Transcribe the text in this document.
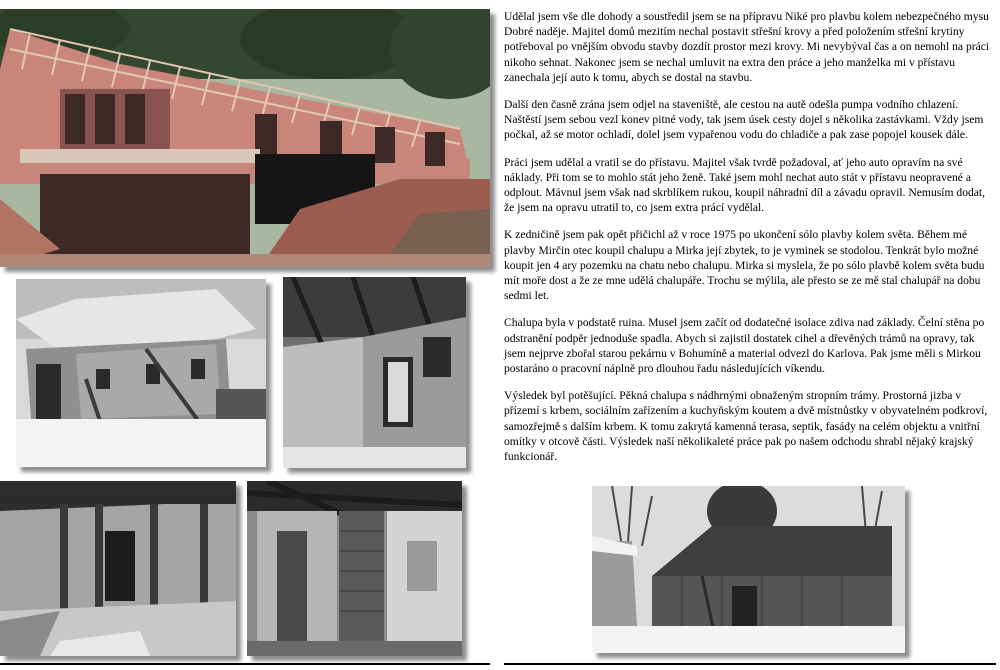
Udělal jsem vše dle dohody a soustředil jsem se na přípravu Niké pro plavbu kolem nebezpečného mysu Dobré naděje. Majitel domů mezitím nechal postavit střešní krovy a před položením střešní krytiny potřeboval po vnějším obvodu stavby dozdít prostor mezi krovy. Mi nevybýval čas a on nemohl na práci nikoho sehnat. Nakonec jsem se nechal umluvit na extra den práce a jeho manželka mi v přístavu zanechala její auto k tomu, abych se dostal na stavbu.

Další den časně zrána jsem odjel na staveniště, ale cestou na autě odešla pumpa vodního chlazení. Naštěstí jsem sebou vezl konev pitné vody, tak jsem úsek cesty dojel s několika zastávkami. Vždy jsem počkal, až se motor ochladí, dolel jsem vypařenou vodu do chladiče a pak zase popojel kousek dále.

Práci jsem udělal a vratil se do přístavu. Majitel však tvrdě požadoval, ať jeho auto opravím na své náklady. Při tom se to mohlo stát jeho ženě. Také jsem mohl nechat auto stát v přístavu neopravené a odplout. Mávnul jsem však nad skrblíkem rukou, koupil náhradní díl a závadu opravil. Nemusím dodat, že jsem na opravu utratil to, co jsem extra prácí vydělal.

K zedničině jsem pak opět přičichl až v roce 1975 po ukončení sólo plavby kolem světa. Během mé plavby Mirčin otec koupil chalupu a Mirka její zbytek, to je vyminek se stodolou. Tenkrát bylo možné koupit jen 4 ary pozemku na chatu nebo chalupu. Mirka si myslela, že po sólo plavbě kolem světa budu mít moře dost a že ze mne udělá chalupáře. Trochu se mýlila, ale přesto se ze mě stal chalupář na dobu sedmi let.

Chalupa byla v podstatě ruina. Musel jsem začít od dodatečné isolace zdiva nad základy. Čelní stěna po odstranění podpěr jednoduše spadla. Abych si zajistil dostatek cihel a dřevěných trámů na opravy, tak jsem nejprve zbořal starou pekárnu v Bohumíně a material odvezl do Karlova. Pak jsme měli s Mirkou postaráno o pracovní náplně pro dlouhou řadu následujících víkendu.

Výsledek byl potěšující. Pěkná chalupa s nádhrnými obnaženým stropním trámy. Prostorná jizba v přízemí s krbem, sociálním zařízením a kuchyňským koutem a dvě místnůstky v obyvatelném podkroví, samozřejmě s dalším krbem. K tomu zakrytá kamenná terasa, septik, fasády na celém objektu a vnitřní omítky v otcově části. Výsledek naší několikaleté práce pak po našem odchodu shrabl nějaký krajský funkcionář.
